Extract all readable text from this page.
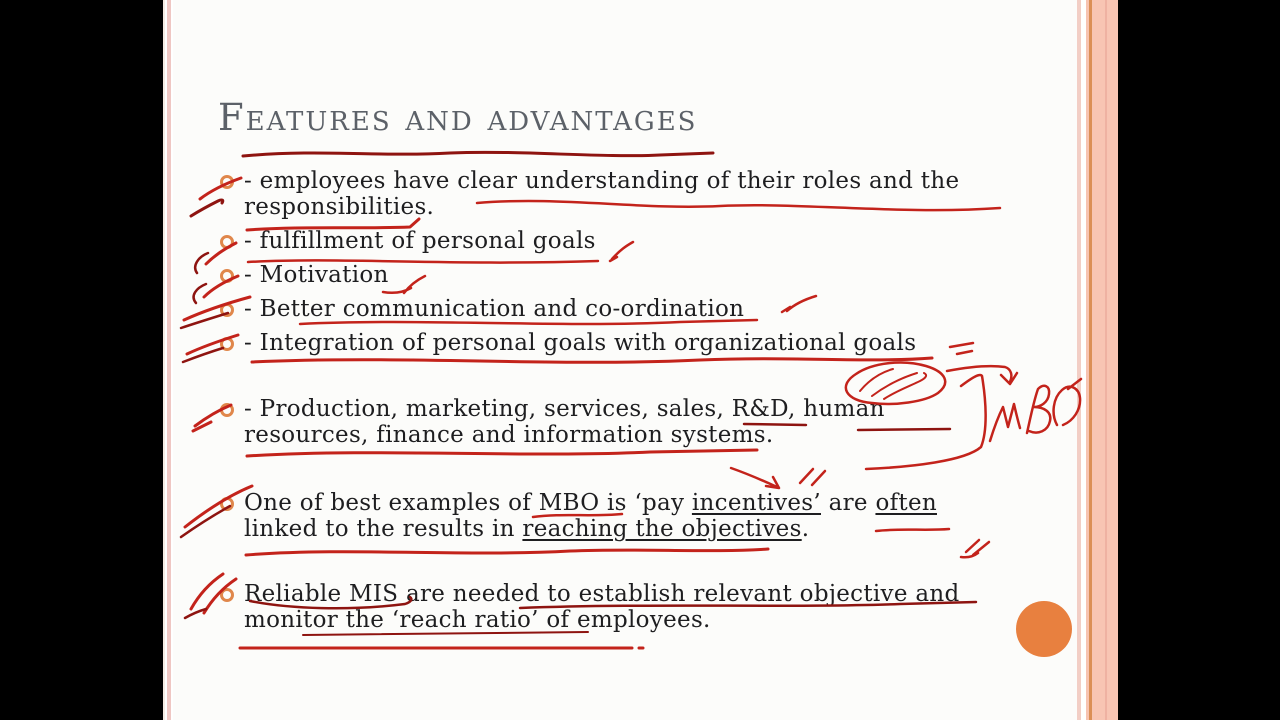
Features and advantages
- employees have clear understanding of their roles and the
responsibilities.
- fulfillment of personal goals
- Motivation
- Better communication and co-ordination
- Integration of personal goals with organizational goals
- Production, marketing, services, sales, R&D, human
resources, finance and information systems.
One of best examples of MBO is ‘pay incentives’ are often
linked to the results in reaching the objectives.
Reliable MIS are needed to establish relevant objective and
monitor the ‘reach ratio’ of employees.
